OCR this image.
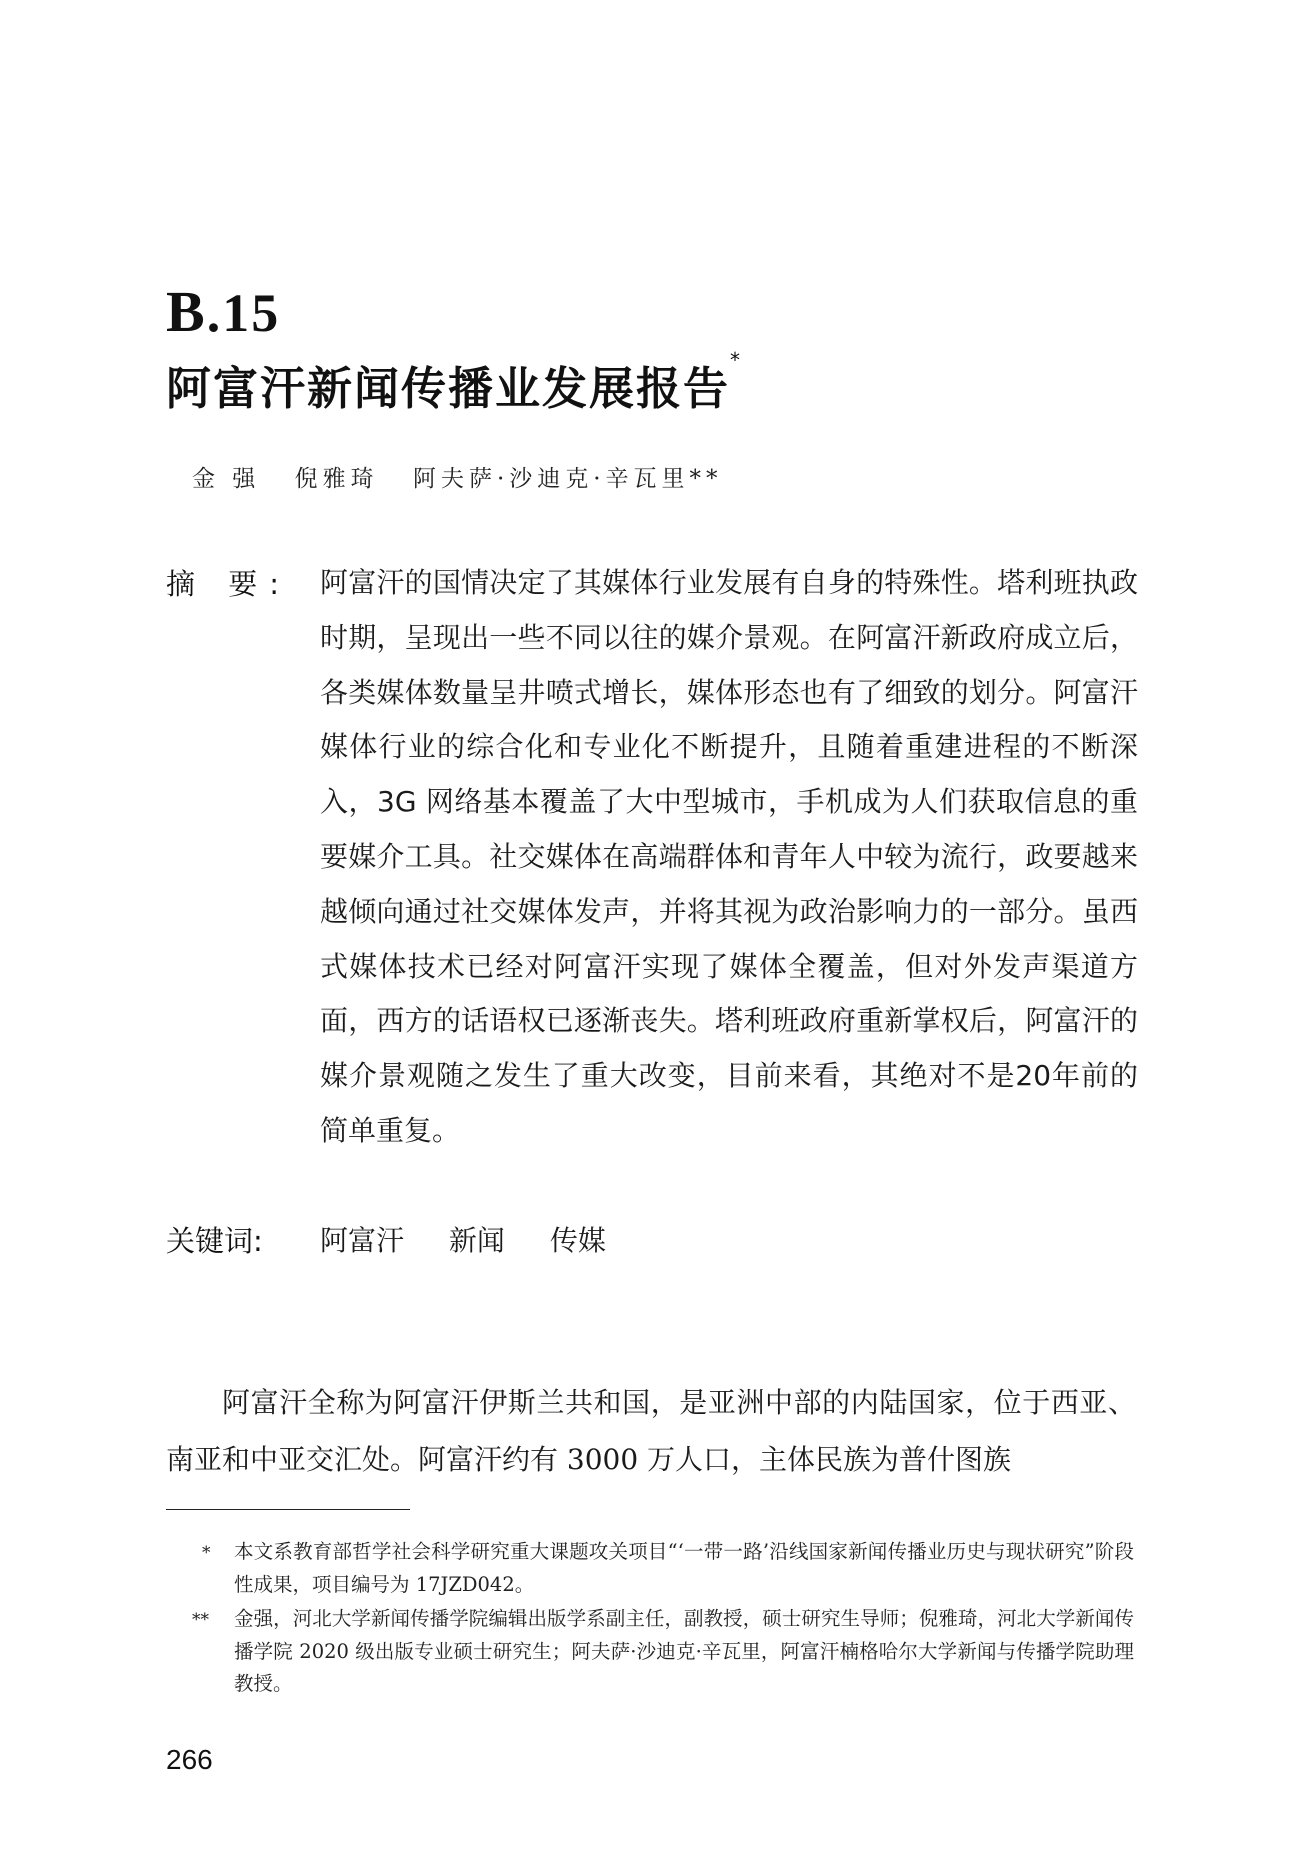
B.15
阿富汗新闻传播业发展报告*
金 强 倪雅琦 阿夫萨·沙迪克·辛瓦里**
摘 要: 阿富汗的国情决定了其媒体行业发展有自身的特殊性。塔利班执政时期，呈现出一些不同以往的媒介景观。在阿富汗新政府成立后，各类媒体数量呈井喷式增长，媒体形态也有了细致的划分。阿富汗媒体行业的综合化和专业化不断提升，且随着重建进程的不断深入，3G 网络基本覆盖了大中型城市，手机成为人们获取信息的重要媒介工具。社交媒体在高端群体和青年人中较为流行，政要越来越倾向通过社交媒体发声，并将其视为政治影响力的一部分。虽西式媒体技术已经对阿富汗实现了媒体全覆盖，但对外发声渠道方面，西方的话语权已逐渐丧失。塔利班政府重新掌权后，阿富汗的媒介景观随之发生了重大改变，目前来看，其绝对不是20年前的简单重复。

关键词: 阿富汗 新闻 传媒

阿富汗全称为阿富汗伊斯兰共和国，是亚洲中部的内陆国家，位于西亚、南亚和中亚交汇处。阿富汗约有 3000 万人口，主体民族为普什图族

* 本文系教育部哲学社会科学研究重大课题攻关项目“‘一带一路’沿线国家新闻传播业历史与现状研究”阶段性成果，项目编号为 17JZD042。

** 金强，河北大学新闻传播学院编辑出版学系副主任，副教授，硕士研究生导师；倪雅琦，河北大学新闻传播学院 2020 级出版专业硕士研究生；阿夫萨·沙迪克·辛瓦里，阿富汗楠格哈尔大学新闻与传播学院助理教授。

266
